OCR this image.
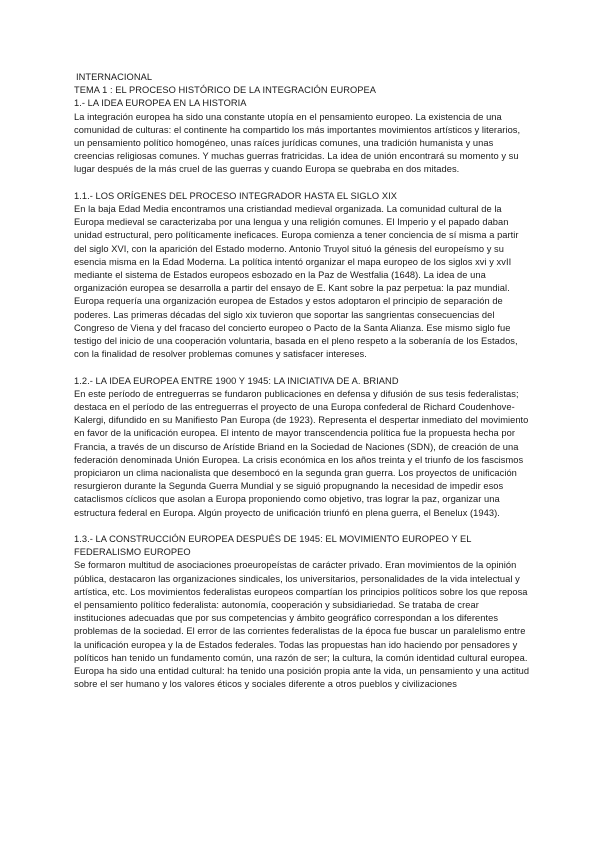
INTERNACIONAL
TEMA 1 : EL PROCESO HISTÓRICO DE LA INTEGRACIÓN EUROPEA
1.- LA IDEA EUROPEA EN LA HISTORIA

La integración europea ha sido una constante utopía en el pensamiento europeo. La existencia de una comunidad de culturas: el continente ha compartido los más importantes movimientos artísticos y literarios, un pensamiento político homogéneo, unas raíces jurídicas comunes, una tradición humanista y unas creencias religiosas comunes. Y muchas guerras fratricidas. La idea de unión encontrará su momento y su lugar después de la más cruel de las guerras y cuando Europa se quebraba en dos mitades.

1.1.- LOS ORÍGENES DEL PROCESO INTEGRADOR HASTA EL SIGLO XIX

En la baja Edad Media encontramos una cristiandad medieval organizada. La comunidad cultural de la Europa medieval se caracterizaba por una lengua y una religión comunes. El Imperio y el papado daban unidad estructural, pero políticamente ineficaces. Europa comienza a tener conciencia de sí misma a partir del siglo XVI, con la aparición del Estado moderno. Antonio Truyol situó la génesis del europeísmo y su esencia misma en la Edad Moderna. La política intentó organizar el mapa europeo de los siglos xvi y xvII mediante el sistema de Estados europeos esbozado en la Paz de Westfalia (1648). La idea de una organización europea se desarrolla a partir del ensayo de E. Kant sobre la paz perpetua: la paz mundial. Europa requería una organización europea de Estados y estos adoptaron el principio de separación de poderes. Las primeras décadas del siglo xix tuvieron que soportar las sangrientas consecuencias del Congreso de Viena y del fracaso del concierto europeo o Pacto de la Santa Alianza. Ese mismo siglo fue testigo del inicio de una cooperación voluntaria, basada en el pleno respeto a la soberanía de los Estados, con la finalidad de resolver problemas comunes y satisfacer intereses.

1.2.- LA IDEA EUROPEA ENTRE 1900 Y 1945: LA INICIATIVA DE A. BRIAND

En este período de entreguerras se fundaron publicaciones en defensa y difusión de sus tesis federalistas; destaca en el período de las entreguerras el proyecto de una Europa confederal de Richard Coudenhove-Kalergi, difundido en su Manifiesto Pan Europa (de 1923). Representa el despertar inmediato del movimiento en favor de la unificación europea. El intento de mayor transcendencia política fue la propuesta hecha por Francia, a través de un discurso de Arístide Briand en la Sociedad de Naciones (SDN), de creación de una federación denominada Unión Europea. La crisis económica en los años treinta y el triunfo de los fascismos propiciaron un clima nacionalista que desembocó en la segunda gran guerra. Los proyectos de unificación resurgieron durante la Segunda Guerra Mundial y se siguió propugnando la necesidad de impedir esos cataclismos cíclicos que asolan a Europa proponiendo como objetivo, tras lograr la paz, organizar una estructura federal en Europa. Algún proyecto de unificación triunfó en plena guerra, el Benelux (1943).

1.3.- LA CONSTRUCCIÓN EUROPEA DESPUÉS DE 1945: EL MOVIMIENTO EUROPEO Y EL FEDERALISMO EUROPEO

Se formaron multitud de asociaciones proeuropeístas de carácter privado. Eran movimientos de la opinión pública, destacaron las organizaciones sindicales, los universitarios, personalidades de la vida intelectual y artística, etc. Los movimientos federalistas europeos compartían los principios políticos sobre los que reposa el pensamiento político federalista: autonomía, cooperación y subsidiariedad. Se trataba de crear instituciones adecuadas que por sus competencias y ámbito geográfico correspondan a los diferentes problemas de la sociedad. El error de las corrientes federalistas de la época fue buscar un paralelismo entre la unificación europea y la de Estados federales. Todas las propuestas han ido haciendo por pensadores y políticos han tenido un fundamento común, una razón de ser; la cultura, la común identidad cultural europea. Europa ha sido una entidad cultural: ha tenido una posición propia ante la vida, un pensamiento y una actitud sobre el ser humano y los valores éticos y sociales diferente a otros pueblos y civilizaciones
